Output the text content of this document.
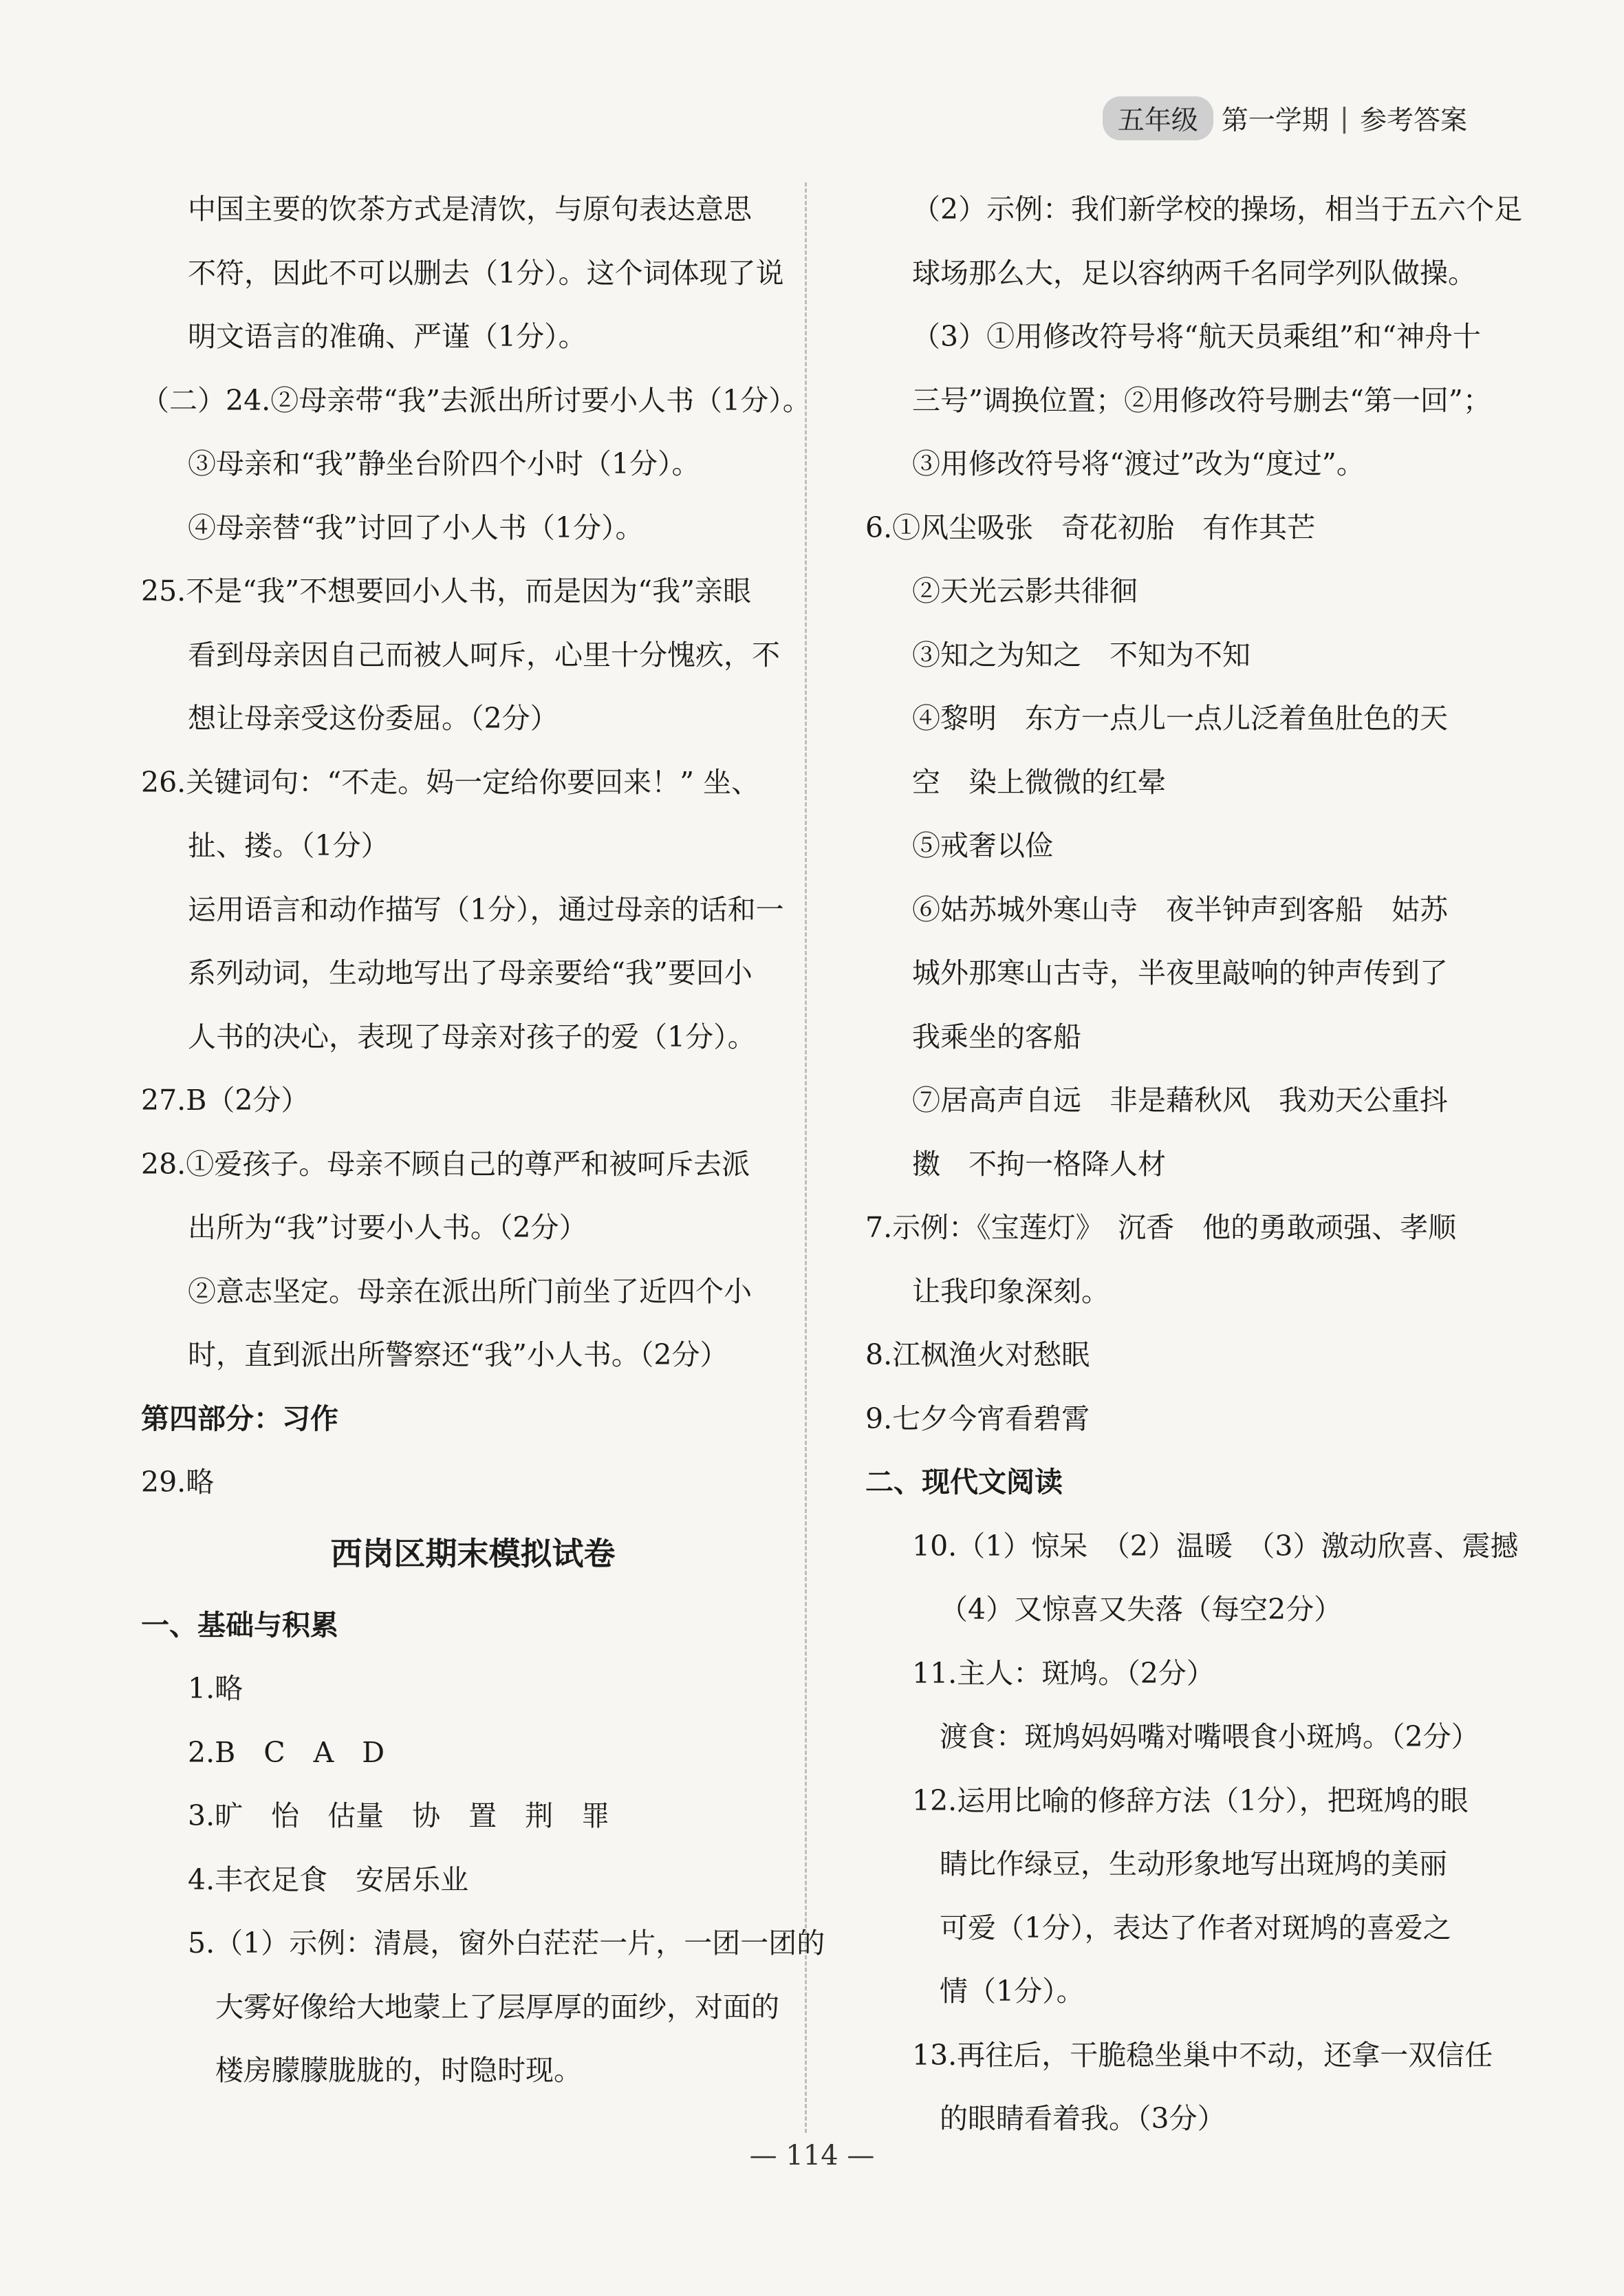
五年级 第一学期 | 参考答案
中国主要的饮茶方式是清饮，与原句表达意思
不符，因此不可以删去（1分）。这个词体现了说
明文语言的准确、严谨（1分）。
（二）24.②母亲带“我”去派出所讨要小人书（1分）。
③母亲和“我”静坐台阶四个小时（1分）。
④母亲替“我”讨回了小人书（1分）。
25.不是“我”不想要回小人书，而是因为“我”亲眼
看到母亲因自己而被人呵斥，心里十分愧疚，不
想让母亲受这份委屈。（2分）
26.关键词句：“不走。妈一定给你要回来！” 坐、
扯、搂。（1分）
运用语言和动作描写（1分），通过母亲的话和一
系列动词，生动地写出了母亲要给“我”要回小
人书的决心，表现了母亲对孩子的爱（1分）。
27.B（2分）
28.①爱孩子。母亲不顾自己的尊严和被呵斥去派
出所为“我”讨要小人书。（2分）
②意志坚定。母亲在派出所门前坐了近四个小
时，直到派出所警察还“我”小人书。（2分）
第四部分：习作
29.略
西岗区期末模拟试卷
一、基础与积累
1.略
2.B　C　A　D
3.旷　怡　估量　协　置　荆　罪
4.丰衣足食　安居乐业
5.（1）示例：清晨，窗外白茫茫一片，一团一团的
大雾好像给大地蒙上了层厚厚的面纱，对面的
楼房朦朦胧胧的，时隐时现。
（2）示例：我们新学校的操场，相当于五六个足
球场那么大，足以容纳两千名同学列队做操。
（3）①用修改符号将“航天员乘组”和“神舟十
三号”调换位置；②用修改符号删去“第一回”；
③用修改符号将“渡过”改为“度过”。
6.①风尘吸张　奇花初胎　有作其芒
②天光云影共徘徊
③知之为知之　不知为不知
④黎明　东方一点儿一点儿泛着鱼肚色的天
空　染上微微的红晕
⑤戒奢以俭
⑥姑苏城外寒山寺　夜半钟声到客船　姑苏
城外那寒山古寺，半夜里敲响的钟声传到了
我乘坐的客船
⑦居高声自远　非是藉秋风　我劝天公重抖
擞　不拘一格降人材
7.示例：《宝莲灯》　沉香　他的勇敢顽强、孝顺
让我印象深刻。
8.江枫渔火对愁眠
9.七夕今宵看碧霄
二、现代文阅读
10.（1）惊呆　（2）温暖　（3）激动欣喜、震撼
（4）又惊喜又失落（每空2分）
11.主人：斑鸠。（2分）
渡食：斑鸠妈妈嘴对嘴喂食小斑鸠。（2分）
12.运用比喻的修辞方法（1分），把斑鸠的眼
睛比作绿豆，生动形象地写出斑鸠的美丽
可爱（1分），表达了作者对斑鸠的喜爱之
情（1分）。
13.再往后，干脆稳坐巢中不动，还拿一双信任
的眼睛看着我。（3分）
— 114 —
